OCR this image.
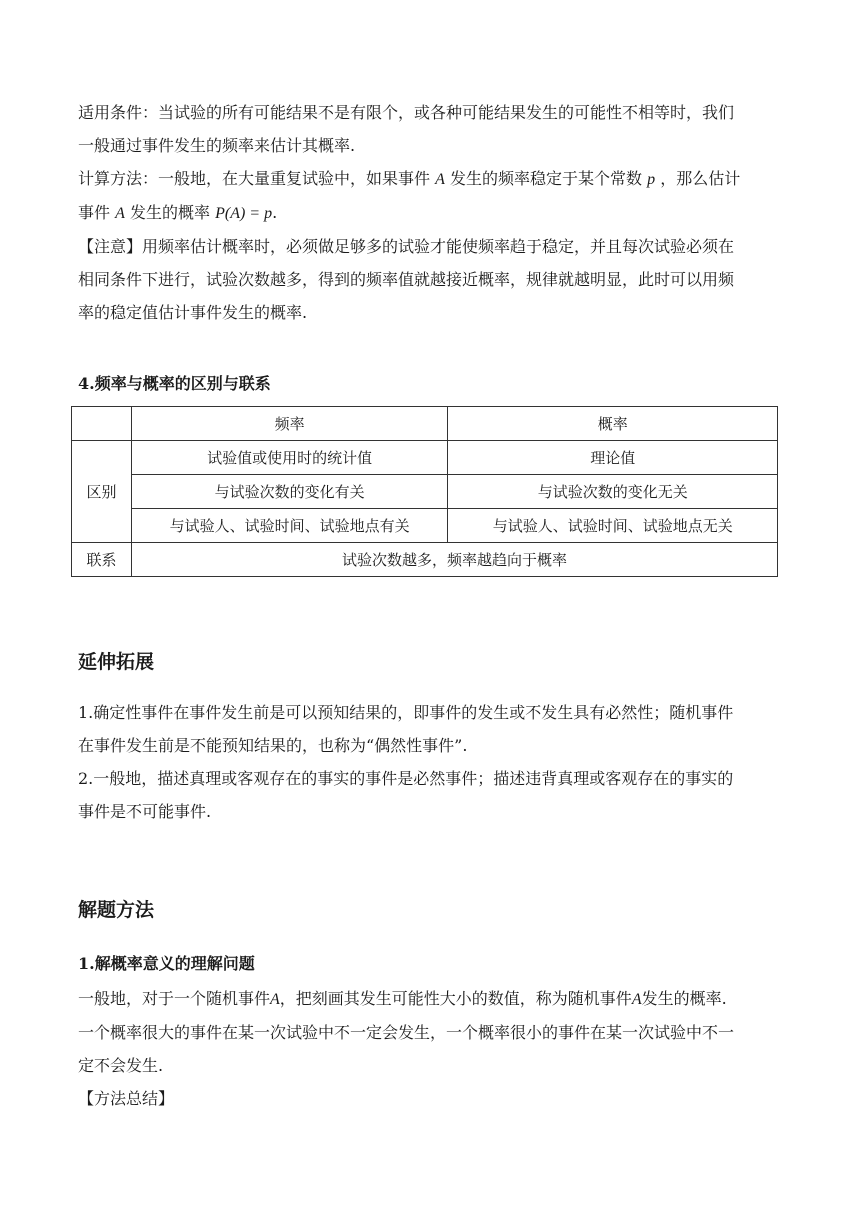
适用条件：当试验的所有可能结果不是有限个，或各种可能结果发生的可能性不相等时，我们

一般通过事件发生的频率来估计其概率.

计算方法：一般地，在大量重复试验中，如果事件 A 发生的频率稳定于某个常数 p ，那么估计

事件 A 发生的概率 P(A) = p.

【注意】用频率估计概率时，必须做足够多的试验才能使频率趋于稳定，并且每次试验必须在

相同条件下进行，试验次数越多，得到的频率值就越接近概率，规律就越明显，此时可以用频

率的稳定值估计事件发生的概率.

4.频率与概率的区别与联系
	频率	概率
区别	试验值或使用时的统计值	理论值
	与试验次数的变化有关	与试验次数的变化无关
	与试验人、试验时间、试验地点有关	与试验人、试验时间、试验地点无关
联系	试验次数越多，频率越趋向于概率	
延伸拓展

1.确定性事件在事件发生前是可以预知结果的，即事件的发生或不发生具有必然性；随机事件

在事件发生前是不能预知结果的，也称为“偶然性事件”.

2.一般地，描述真理或客观存在的事实的事件是必然事件；描述违背真理或客观存在的事实的

事件是不可能事件.

解题方法
1.解概率意义的理解问题

一般地，对于一个随机事件A，把刻画其发生可能性大小的数值，称为随机事件A发生的概率.

一个概率很大的事件在某一次试验中不一定会发生，一个概率很小的事件在某一次试验中不一

定不会发生.

【方法总结】
